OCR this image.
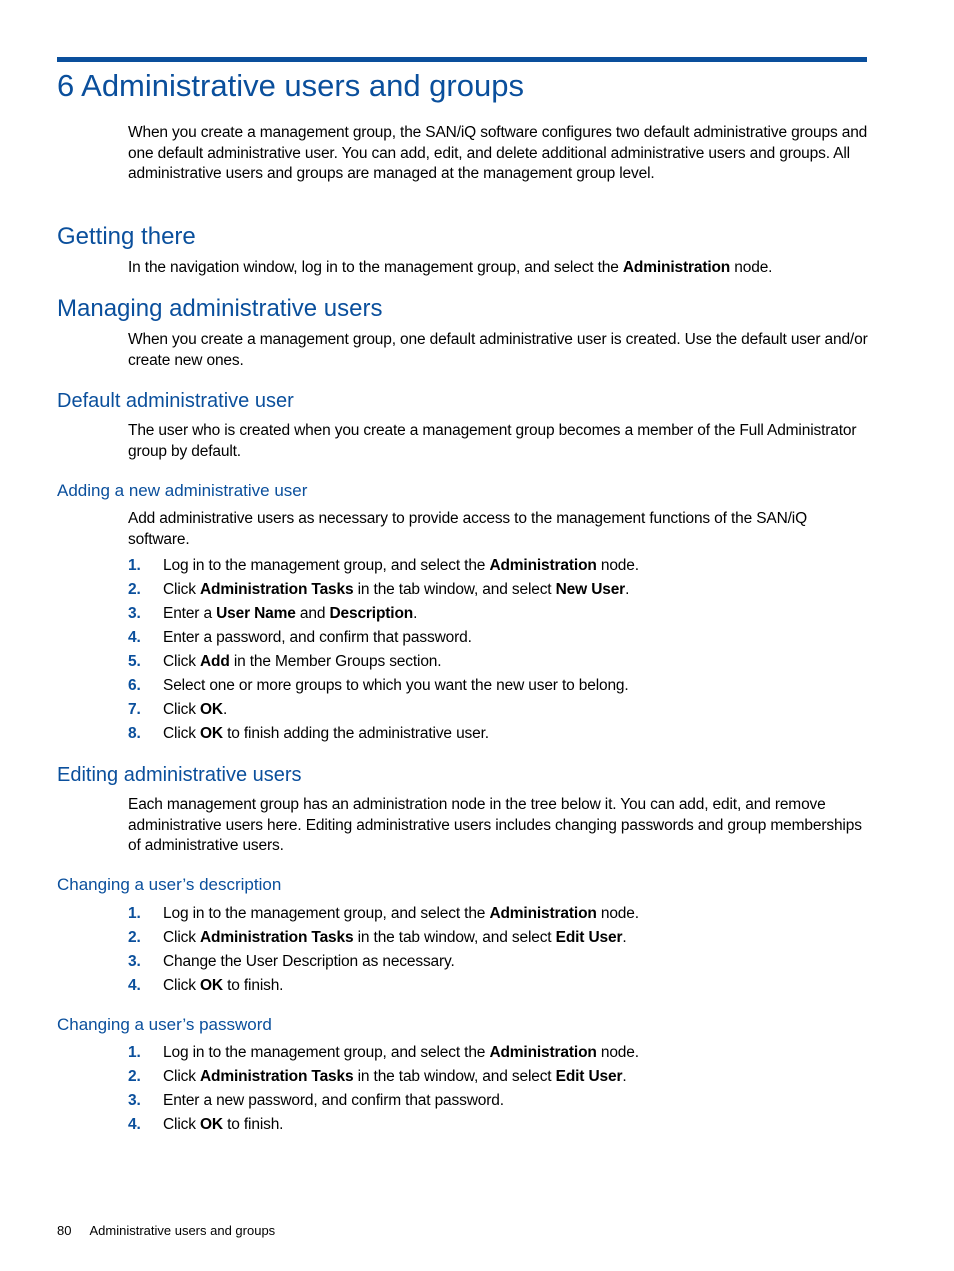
6 Administrative users and groups

When you create a management group, the SAN/iQ software configures two default administrative groups and one default administrative user. You can add, edit, and delete additional administrative users and groups. All administrative users and groups are managed at the management group level.

Getting there

In the navigation window, log in to the management group, and select the Administration node.

Managing administrative users

When you create a management group, one default administrative user is created. Use the default user and/or create new ones.

Default administrative user

The user who is created when you create a management group becomes a member of the Full Administrator group by default.

Adding a new administrative user

Add administrative users as necessary to provide access to the management functions of the SAN/iQ software.

1. Log in to the management group, and select the Administration node.
2. Click Administration Tasks in the tab window, and select New User.
3. Enter a User Name and Description.
4. Enter a password, and confirm that password.
5. Click Add in the Member Groups section.
6. Select one or more groups to which you want the new user to belong.
7. Click OK.
8. Click OK to finish adding the administrative user.
Editing administrative users

Each management group has an administration node in the tree below it. You can add, edit, and remove administrative users here. Editing administrative users includes changing passwords and group memberships of administrative users.

Changing a user’s description
1. Log in to the management group, and select the Administration node.
2. Click Administration Tasks in the tab window, and select Edit User.
3. Change the User Description as necessary.
4. Click OK to finish.
Changing a user’s password
1. Log in to the management group, and select the Administration node.
2. Click Administration Tasks in the tab window, and select Edit User.
3. Enter a new password, and confirm that password.
4. Click OK to finish.
80 Administrative users and groups
